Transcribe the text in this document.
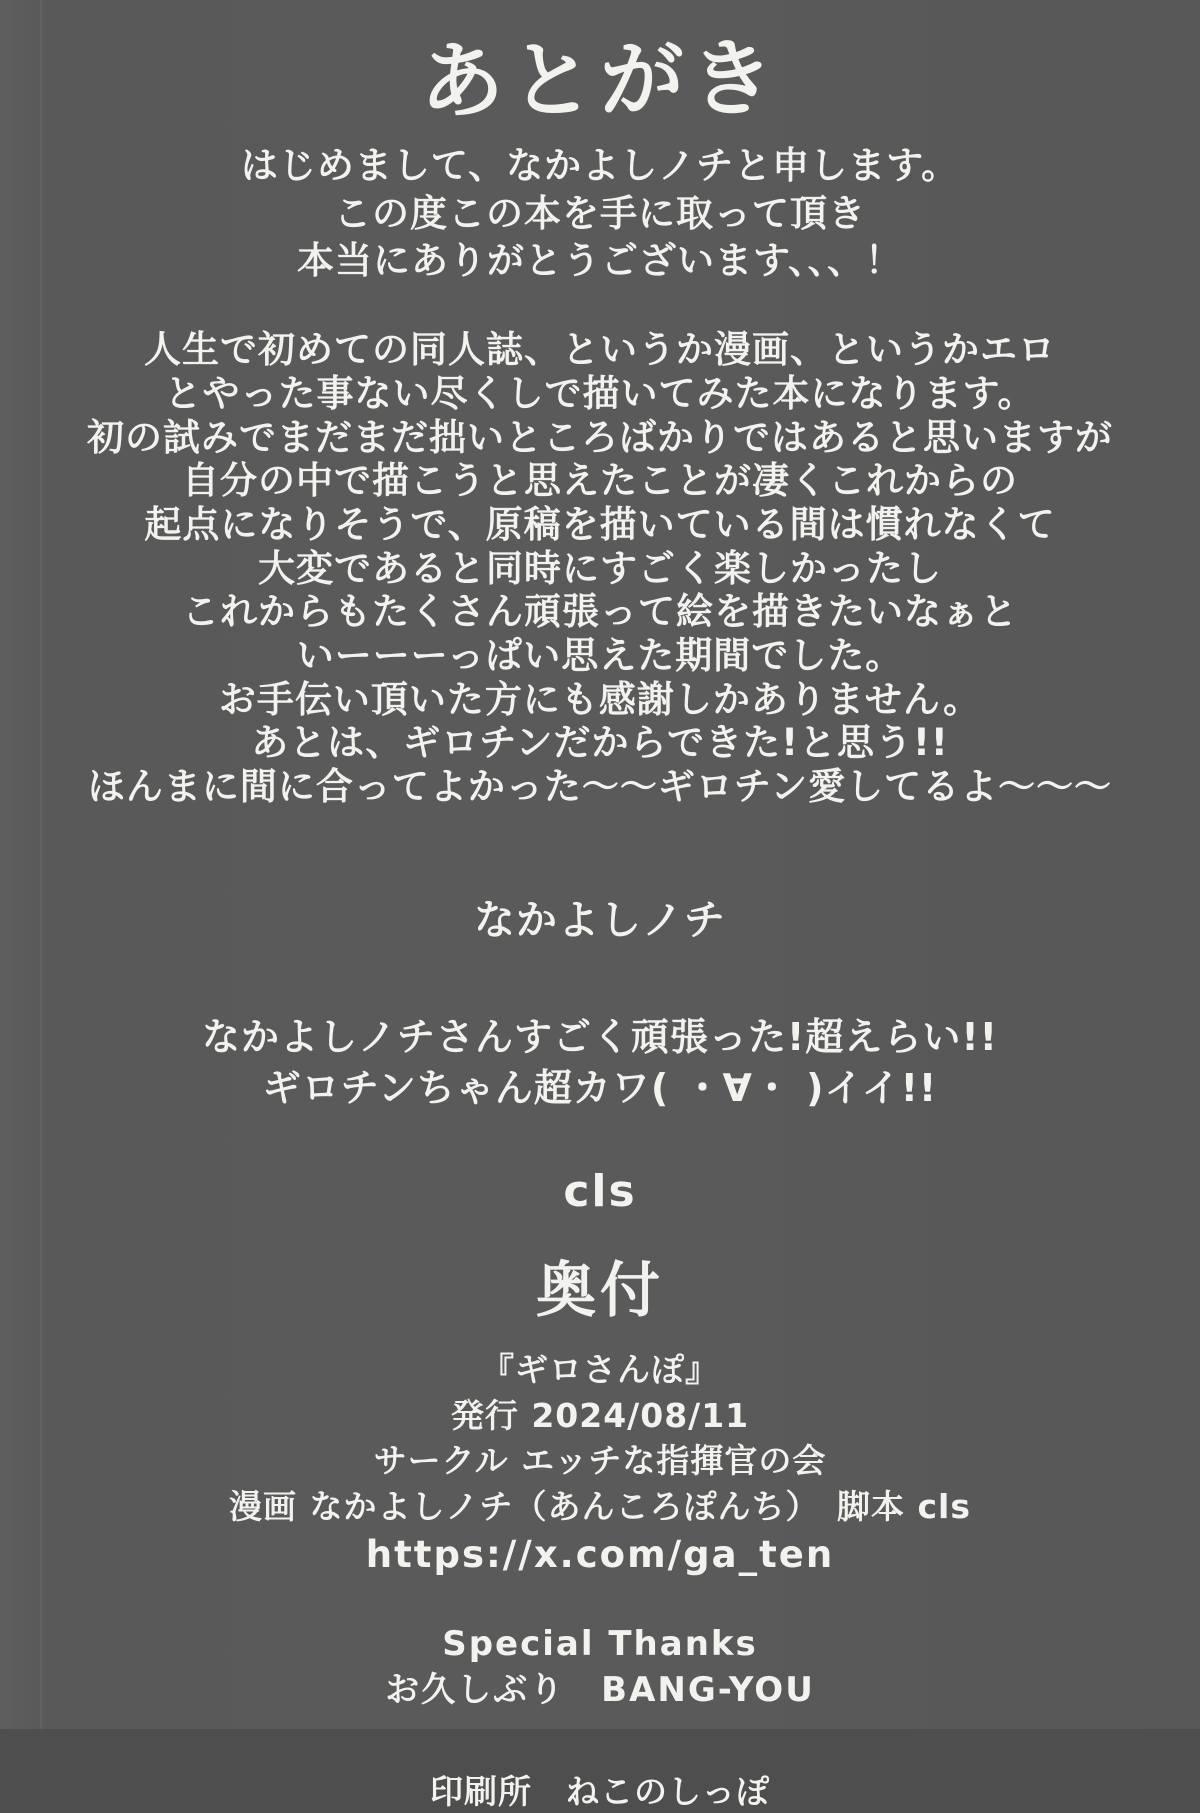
あとがき
はじめまして、なかよしノチと申します。
この度この本を手に取って頂き
本当にありがとうございます、、、！
人生で初めての同人誌、というか漫画、というかエロ
とやった事ない尽くしで描いてみた本になります。
初の試みでまだまだ拙いところばかりではあると思いますが
自分の中で描こうと思えたことが凄くこれからの
起点になりそうで、原稿を描いている間は慣れなくて
大変であると同時にすごく楽しかったし
これからもたくさん頑張って絵を描きたいなぁと
いーーーっぱい思えた期間でした。
お手伝い頂いた方にも感謝しかありません。
あとは、ギロチンだからできた!と思う!!
ほんまに間に合ってよかった～～ギロチン愛してるよ～～～
なかよしノチ
なかよしノチさんすごく頑張った!超えらい!!
ギロチンちゃん超カワ( ・∀・ )イイ!!
cls
奥付
『ギロさんぽ』
発行 2024/08/11
サークル エッチな指揮官の会
漫画 なかよしノチ（あんころぽんち）　脚本 cls
https://x.com/ga_ten
Special Thanks
お久しぶり　BANG-YOU
印刷所　ねこのしっぽ
